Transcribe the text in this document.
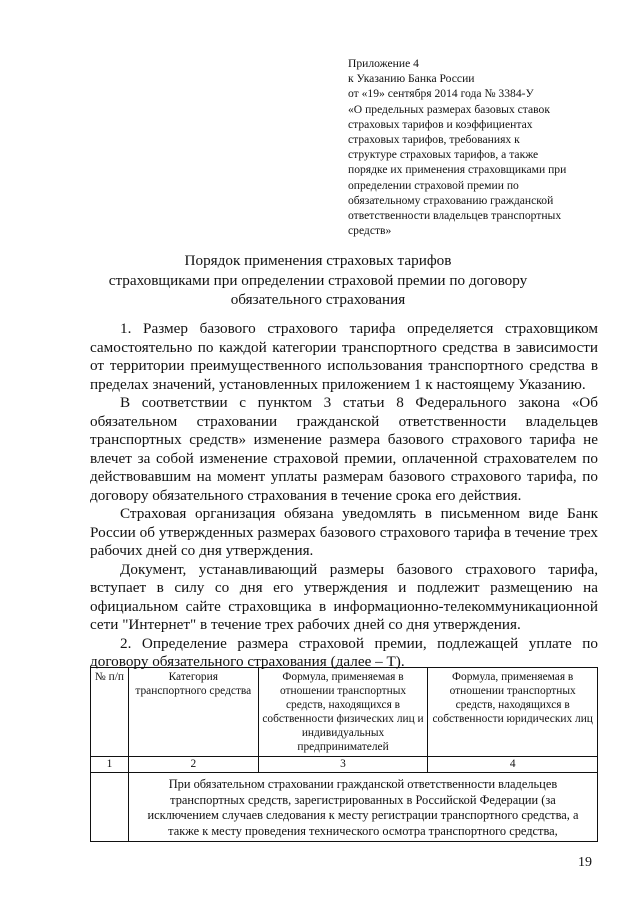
Приложение 4
к Указанию Банка России
от «19» сентября 2014 года № 3384-У
«О предельных размерах базовых ставок
страховых тарифов и коэффициентах
страховых тарифов, требованиях к
структуре страховых тарифов, а также
порядке их применения страховщиками при
определении страховой премии по
обязательному страхованию гражданской
ответственности владельцев транспортных
средств»
Порядок применения страховых тарифов
страховщиками при определении страховой премии по договору
обязательного страхования

1. Размер базового страхового тарифа определяется страховщиком самостоятельно по каждой категории транспортного средства в зависимости от территории преимущественного использования транспортного средства в пределах значений, установленных приложением 1 к настоящему Указанию.

В соответствии с пунктом 3 статьи 8 Федерального закона «Об обязательном страховании гражданской ответственности владельцев транспортных средств» изменение размера базового страхового тарифа не влечет за собой изменение страховой премии, оплаченной страхователем по действовавшим на момент уплаты размерам базового страхового тарифа, по договору обязательного страхования в течение срока его действия.

Страховая организация обязана уведомлять в письменном виде Банк России об утвержденных размерах базового страхового тарифа в течение трех рабочих дней со дня утверждения.

Документ, устанавливающий размеры базового страхового тарифа, вступает в силу со дня его утверждения и подлежит размещению на официальном сайте страховщика в информационно-телекоммуникационной сети "Интернет" в течение трех рабочих дней со дня утверждения.

2. Определение размера страховой премии, подлежащей уплате по договору обязательного страхования (далее – Т).

№ п/п	Категория транспортного средства	Формула, применяемая в отношении транспортных средств, находящихся в собственности физических лиц и индивидуальных предпринимателей	Формула, применяемая в отношении транспортных средств, находящихся в собственности юридических лиц
1	2	3	4
	При обязательном страховании гражданской ответственности владельцев транспортных средств, зарегистрированных в Российской Федерации (за исключением случаев следования к месту регистрации транспортного средства, а также к месту проведения технического осмотра транспортного средства,		
19
